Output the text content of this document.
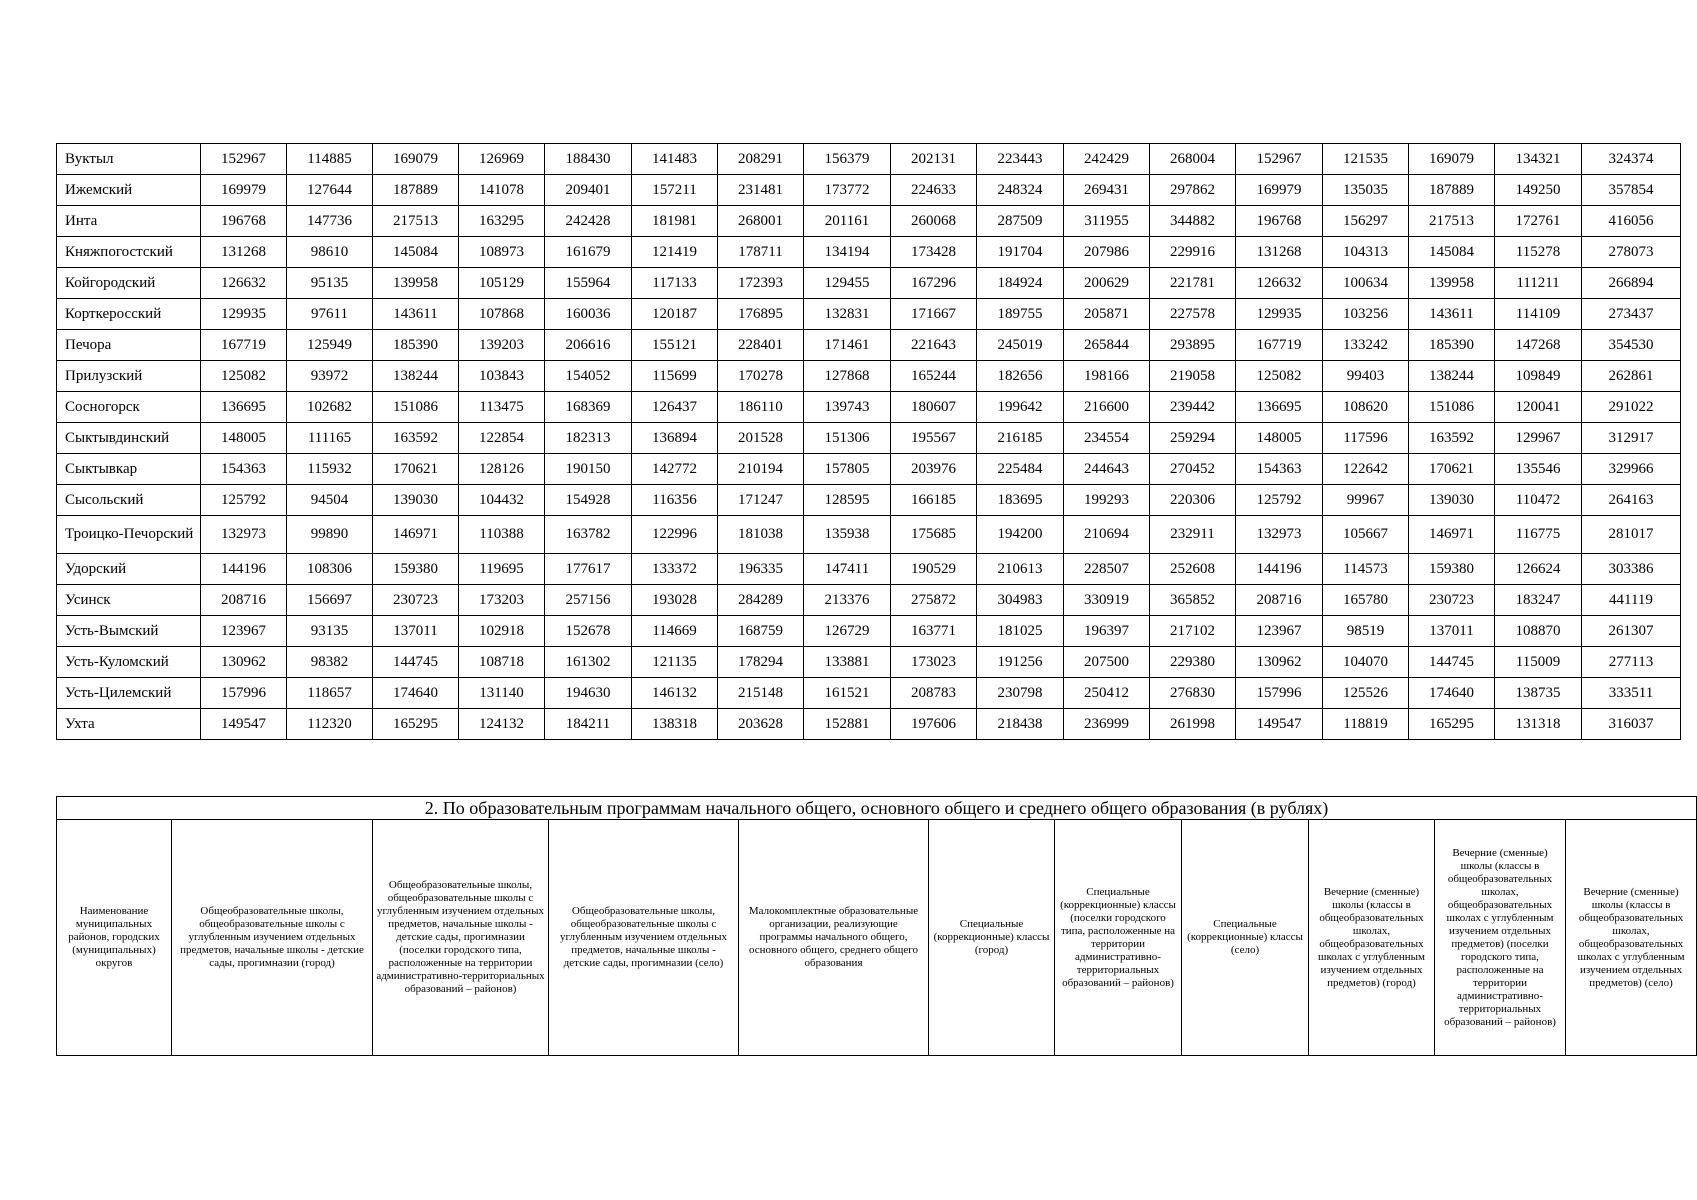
Вуктыл	152967	114885	169079	126969	188430	141483	208291	156379	202131	223443	242429	268004	152967	121535	169079	134321	324374
Ижемский	169979	127644	187889	141078	209401	157211	231481	173772	224633	248324	269431	297862	169979	135035	187889	149250	357854
Инта	196768	147736	217513	163295	242428	181981	268001	201161	260068	287509	311955	344882	196768	156297	217513	172761	416056
Княжпогостский	131268	98610	145084	108973	161679	121419	178711	134194	173428	191704	207986	229916	131268	104313	145084	115278	278073
Койгородский	126632	95135	139958	105129	155964	117133	172393	129455	167296	184924	200629	221781	126632	100634	139958	111211	266894
Корткеросский	129935	97611	143611	107868	160036	120187	176895	132831	171667	189755	205871	227578	129935	103256	143611	114109	273437
Печора	167719	125949	185390	139203	206616	155121	228401	171461	221643	245019	265844	293895	167719	133242	185390	147268	354530
Прилузский	125082	93972	138244	103843	154052	115699	170278	127868	165244	182656	198166	219058	125082	99403	138244	109849	262861
Сосногорск	136695	102682	151086	113475	168369	126437	186110	139743	180607	199642	216600	239442	136695	108620	151086	120041	291022
Сыктывдинский	148005	111165	163592	122854	182313	136894	201528	151306	195567	216185	234554	259294	148005	117596	163592	129967	312917
Сыктывкар	154363	115932	170621	128126	190150	142772	210194	157805	203976	225484	244643	270452	154363	122642	170621	135546	329966
Сысольский	125792	94504	139030	104432	154928	116356	171247	128595	166185	183695	199293	220306	125792	99967	139030	110472	264163
Троицко-Печорский	132973	99890	146971	110388	163782	122996	181038	135938	175685	194200	210694	232911	132973	105667	146971	116775	281017
Удорский	144196	108306	159380	119695	177617	133372	196335	147411	190529	210613	228507	252608	144196	114573	159380	126624	303386
Усинск	208716	156697	230723	173203	257156	193028	284289	213376	275872	304983	330919	365852	208716	165780	230723	183247	441119
Усть-Вымский	123967	93135	137011	102918	152678	114669	168759	126729	163771	181025	196397	217102	123967	98519	137011	108870	261307
Усть-Куломский	130962	98382	144745	108718	161302	121135	178294	133881	173023	191256	207500	229380	130962	104070	144745	115009	277113
Усть-Цилемский	157996	118657	174640	131140	194630	146132	215148	161521	208783	230798	250412	276830	157996	125526	174640	138735	333511
Ухта	149547	112320	165295	124132	184211	138318	203628	152881	197606	218438	236999	261998	149547	118819	165295	131318	316037
2. По образовательным программам начального общего, основного общего и среднего общего образования (в рублях)
Наименование муниципальных районов, городских (муниципальных) округов	Общеобразовательные школы, общеобразовательные школы с углубленным изучением отдельных предметов, начальные школы - детские сады, прогимназии (город)	Общеобразовательные школы, общеобразовательные школы с углубленным изучением отдельных предметов, начальные школы - детские сады, прогимназии (поселки городского типа, расположенные на территории административно-территориальных образований – районов)	Общеобразовательные школы, общеобразовательные школы с углубленным изучением отдельных предметов, начальные школы - детские сады, прогимназии (село)	Малокомплектные образовательные организации, реализующие программы начального общего, основного общего, среднего общего образования	Специальные (коррекционные) классы (город)	Специальные (коррекционные) классы (поселки городского типа, расположенные на территории административно-территориальных образований – районов)	Специальные (коррекционные) классы (село)	Вечерние (сменные) школы (классы в общеобразовательных школах, общеобразовательных школах с углубленным изучением отдельных предметов) (город)	Вечерние (сменные) школы (классы в общеобразовательных школах, общеобразовательных школах с углубленным изучением отдельных предметов) (поселки городского типа, расположенные на территории административно-территориальных образований – районов)	Вечерние (сменные) школы (классы в общеобразовательных школах, общеобразовательных школах с углубленным изучением отдельных предметов) (село)
